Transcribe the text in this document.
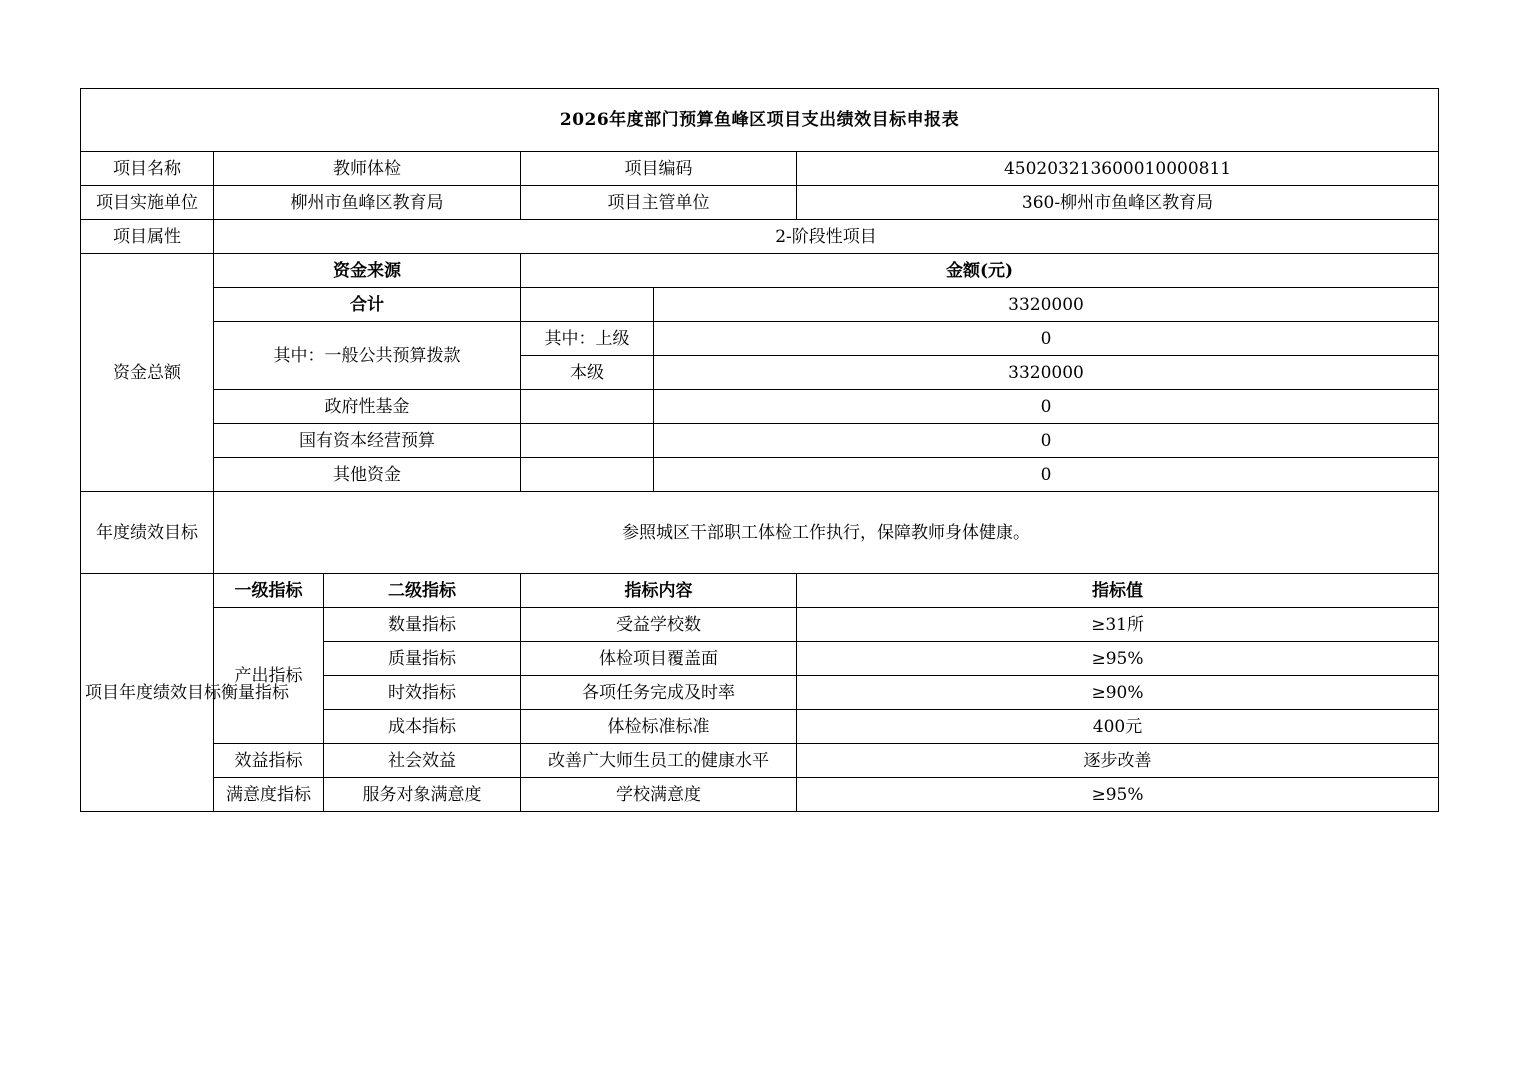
2026年度部门预算鱼峰区项目支出绩效目标申报表					
项目名称	教师体检		项目编码		450203213600010000811
项目实施单位	柳州市鱼峰区教育局		项目主管单位		360-柳州市鱼峰区教育局
项目属性	2-阶段性项目				
资金总额	资金来源		金额(元)		
	合计			3320000	
	其中：一般公共预算拨款		其中：上级	0	
			本级	3320000	
	政府性基金			0	
	国有资本经营预算			0	
	其他资金			0	
年度绩效目标	参照城区干部职工体检工作执行，保障教师身体健康。				
项目年度绩效目标衡量指标	一级指标	二级指标	指标内容		指标值
	产出指标	数量指标	受益学校数		≥31所
		质量指标	体检项目覆盖面		≥95%
		时效指标	各项任务完成及时率		≥90%
		成本指标	体检标准标准		400元
	效益指标	社会效益	改善广大师生员工的健康水平		逐步改善
	满意度指标	服务对象满意度	学校满意度		≥95%
